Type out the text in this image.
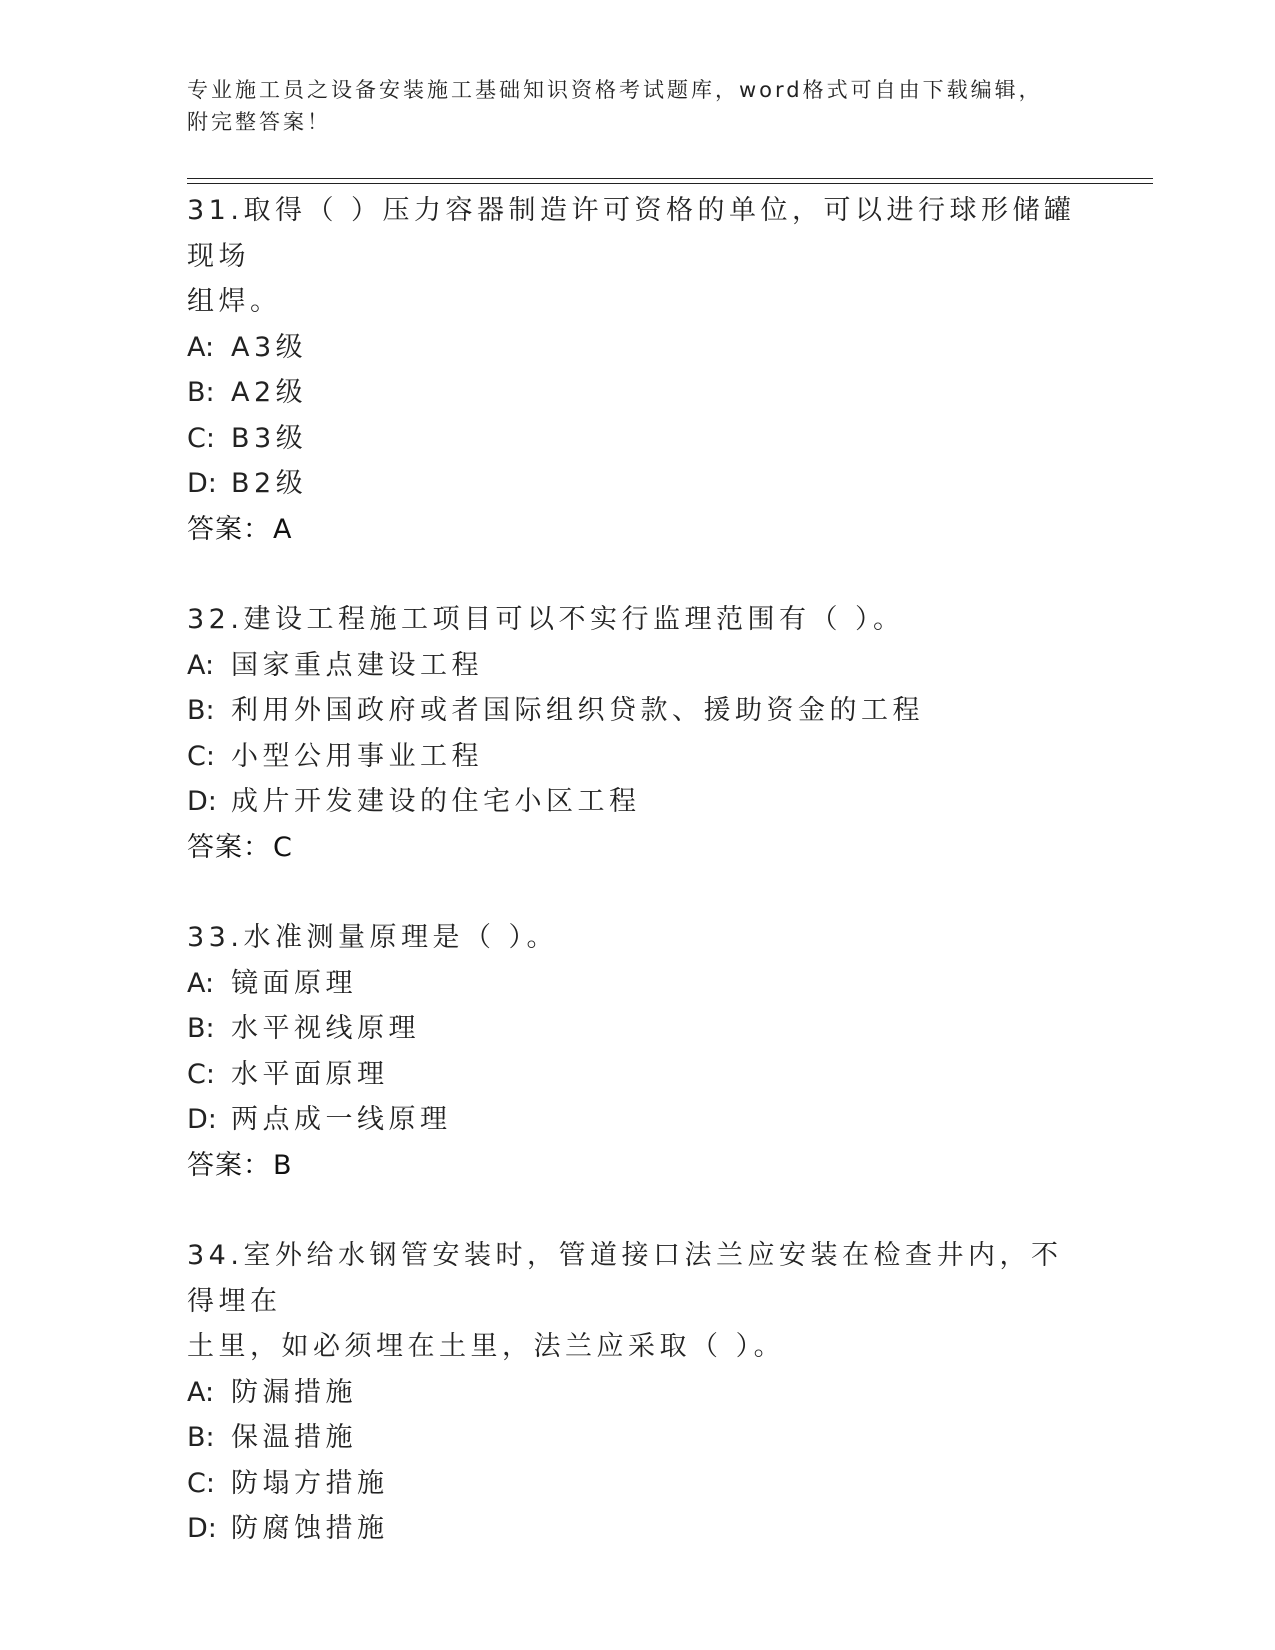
专业施工员之设备安装施工基础知识资格考试题库，word格式可自由下载编辑，
附完整答案！
31.取得（ ）压力容器制造许可资格的单位，可以进行球形储罐现场
组焊。
A: A3级
B: A2级
C: B3级
D: B2级
答案：A
32.建设工程施工项目可以不实行监理范围有（ ）。
A: 国家重点建设工程
B: 利用外国政府或者国际组织贷款、援助资金的工程
C: 小型公用事业工程
D: 成片开发建设的住宅小区工程
答案：C
33.水准测量原理是（ ）。
A: 镜面原理
B: 水平视线原理
C: 水平面原理
D: 两点成一线原理
答案：B
34.室外给水钢管安装时，管道接口法兰应安装在检查井内，不得埋在
土里，如必须埋在土里，法兰应采取（ ）。
A: 防漏措施
B: 保温措施
C: 防塌方措施
D: 防腐蚀措施
